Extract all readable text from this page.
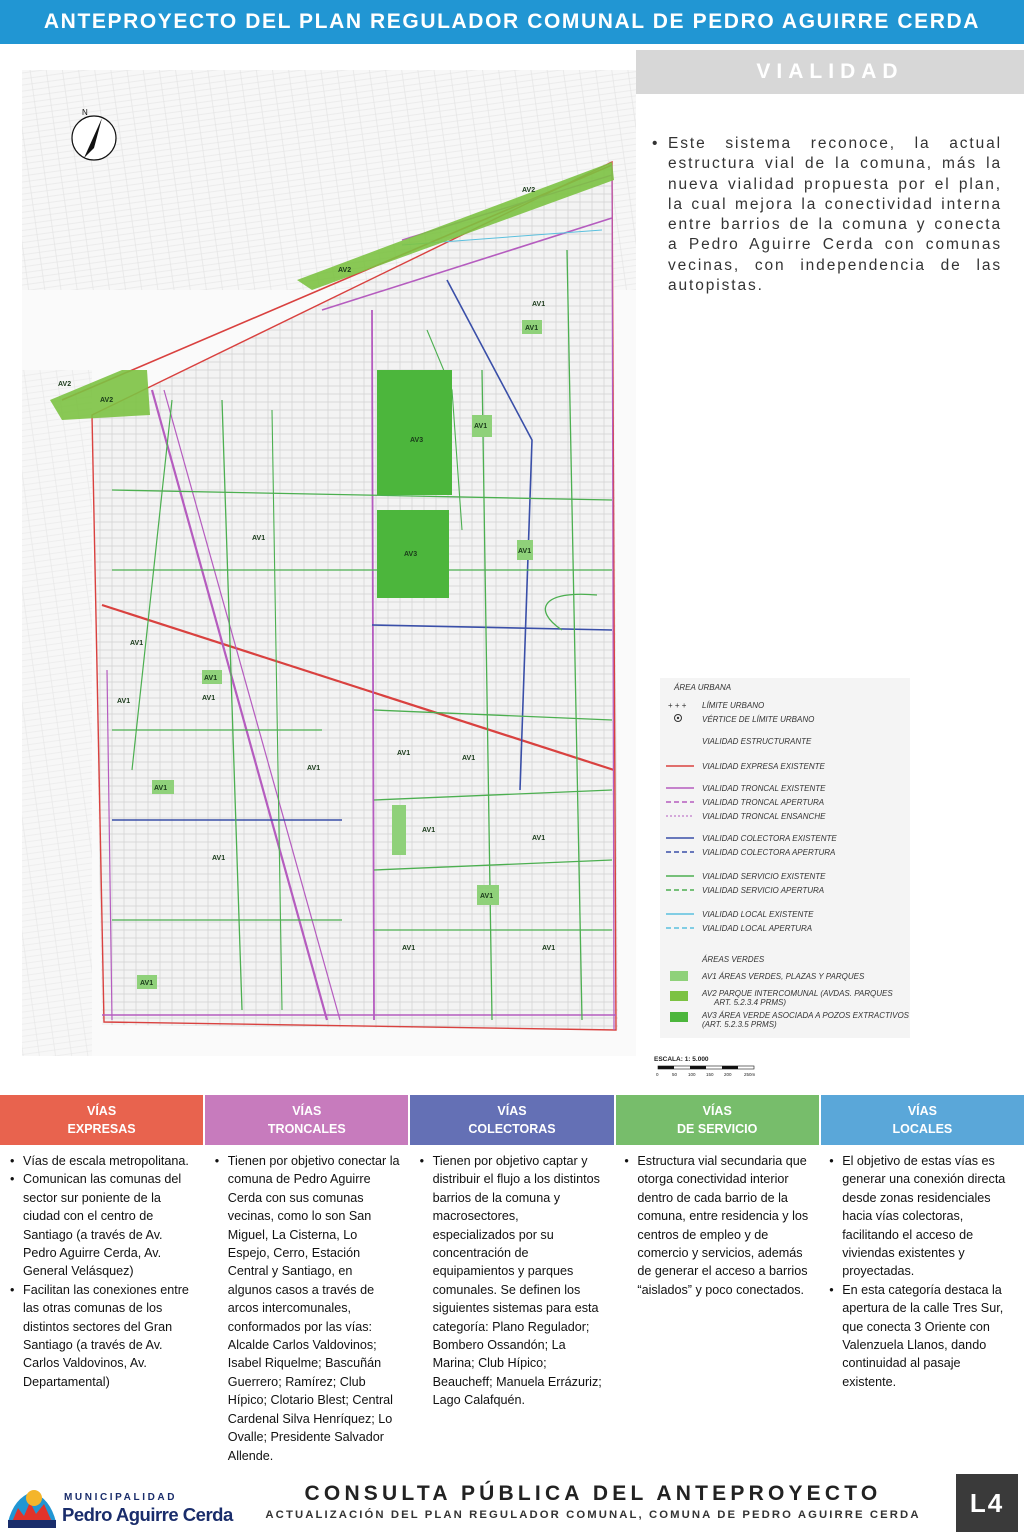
ANTEPROYECTO DEL PLAN REGULADOR COMUNAL DE PEDRO AGUIRRE CERDA
VIALIDAD
• Este sistema reconoce, la actual estructura vial de la comuna, más la nueva vialidad propuesta por el plan, la cual mejora la conectividad interna entre barrios de la comuna y conecta a Pedro Aguirre Cerda con comunas vecinas, con independencia de las autopistas.

AV2
AV2
AV2
AV2
AV3
AV3	AV1
AV1
AV1
AV1
AV1
AV1
AV1
AV1
AV1	AV1
AV1
AV1
AV1
AV1
AV1
AV1
AV1
AV1
AV1
AV1
N
ÁREA URBANA
+ + + LÍMITE URBANO
VÉRTICE DE LÍMITE URBANO
VIALIDAD ESTRUCTURANTE
VIALIDAD EXPRESA EXISTENTE
VIALIDAD TRONCAL EXISTENTE
VIALIDAD TRONCAL APERTURA
VIALIDAD TRONCAL ENSANCHE
VIALIDAD COLECTORA EXISTENTE
VIALIDAD COLECTORA APERTURA
VIALIDAD SERVICIO EXISTENTE
VIALIDAD SERVICIO APERTURA
VIALIDAD LOCAL EXISTENTE
VIALIDAD LOCAL APERTURA
ÁREAS VERDES
AV1 ÁREAS VERDES, PLAZAS Y PARQUES
AV2 PARQUE INTERCOMUNAL (AVDAS. PARQUES
ART. 5.2.3.4 PRMS)
AV3 ÁREA VERDE ASOCIADA A POZOS EXTRACTIVOS
(ART. 5.2.3.5 PRMS)
ESCALA: 1: 5.000
0	50 100 150 200	250m
VÍAS
EXPRESAS
VÍAS
TRONCALES
VÍAS
COLECTORAS
VÍAS
DE SERVICIO
VÍAS
LOCALES
• Vías de escala metropolitana.
• Comunican las comunas del sector sur poniente de la ciudad con el centro de Santiago (a través de Av. Pedro Aguirre Cerda, Av. General Velásquez)
• Facilitan las conexiones entre las otras comunas de los distintos sectores del Gran Santiago (a través de Av. Carlos Valdovinos, Av. Departamental)
• Tienen por objetivo conectar la comuna de Pedro Aguirre Cerda con sus comunas vecinas, como lo son San Miguel, La Cisterna, Lo Espejo, Cerro, Estación Central y Santiago, en algunos casos a través de arcos intercomunales, conformados por las vías: Alcalde Carlos Valdovinos; Isabel Riquelme; Bascuñán Guerrero; Ramírez; Club Hípico; Clotario Blest; Central Cardenal Silva Henríquez; Lo Ovalle; Presidente Salvador Allende.
• Tienen por objetivo captar y distribuir el flujo a los distintos barrios de la comuna y macrosectores, especializados por su concentración de equipamientos y parques comunales. Se definen los siguientes sistemas para esta categoría: Plano Regulador; Bombero Ossandón; La Marina; Club Hípico; Beaucheff; Manuela Errázuriz; Lago Calafquén.
• Estructura vial secundaria que otorga conectividad interior dentro de cada barrio de la comuna, entre residencia y los centros de empleo y de comercio y servicios, además de generar el acceso a barrios “aislados” y poco conectados.
• El objetivo de estas vías es generar una conexión directa desde zonas residenciales hacia vías colectoras, facilitando el acceso de viviendas existentes y proyectadas.
• En esta categoría destaca la apertura de la calle Tres Sur, que conecta 3 Oriente con Valenzuela Llanos, dando continuidad al pasaje existente.
MUNICIPALIDAD
Pedro Aguirre Cerda
CONSULTA PÚBLICA DEL ANTEPROYECTO
ACTUALIZACIÓN DEL PLAN REGULADOR COMUNAL, COMUNA DE PEDRO AGUIRRE CERDA	L4
